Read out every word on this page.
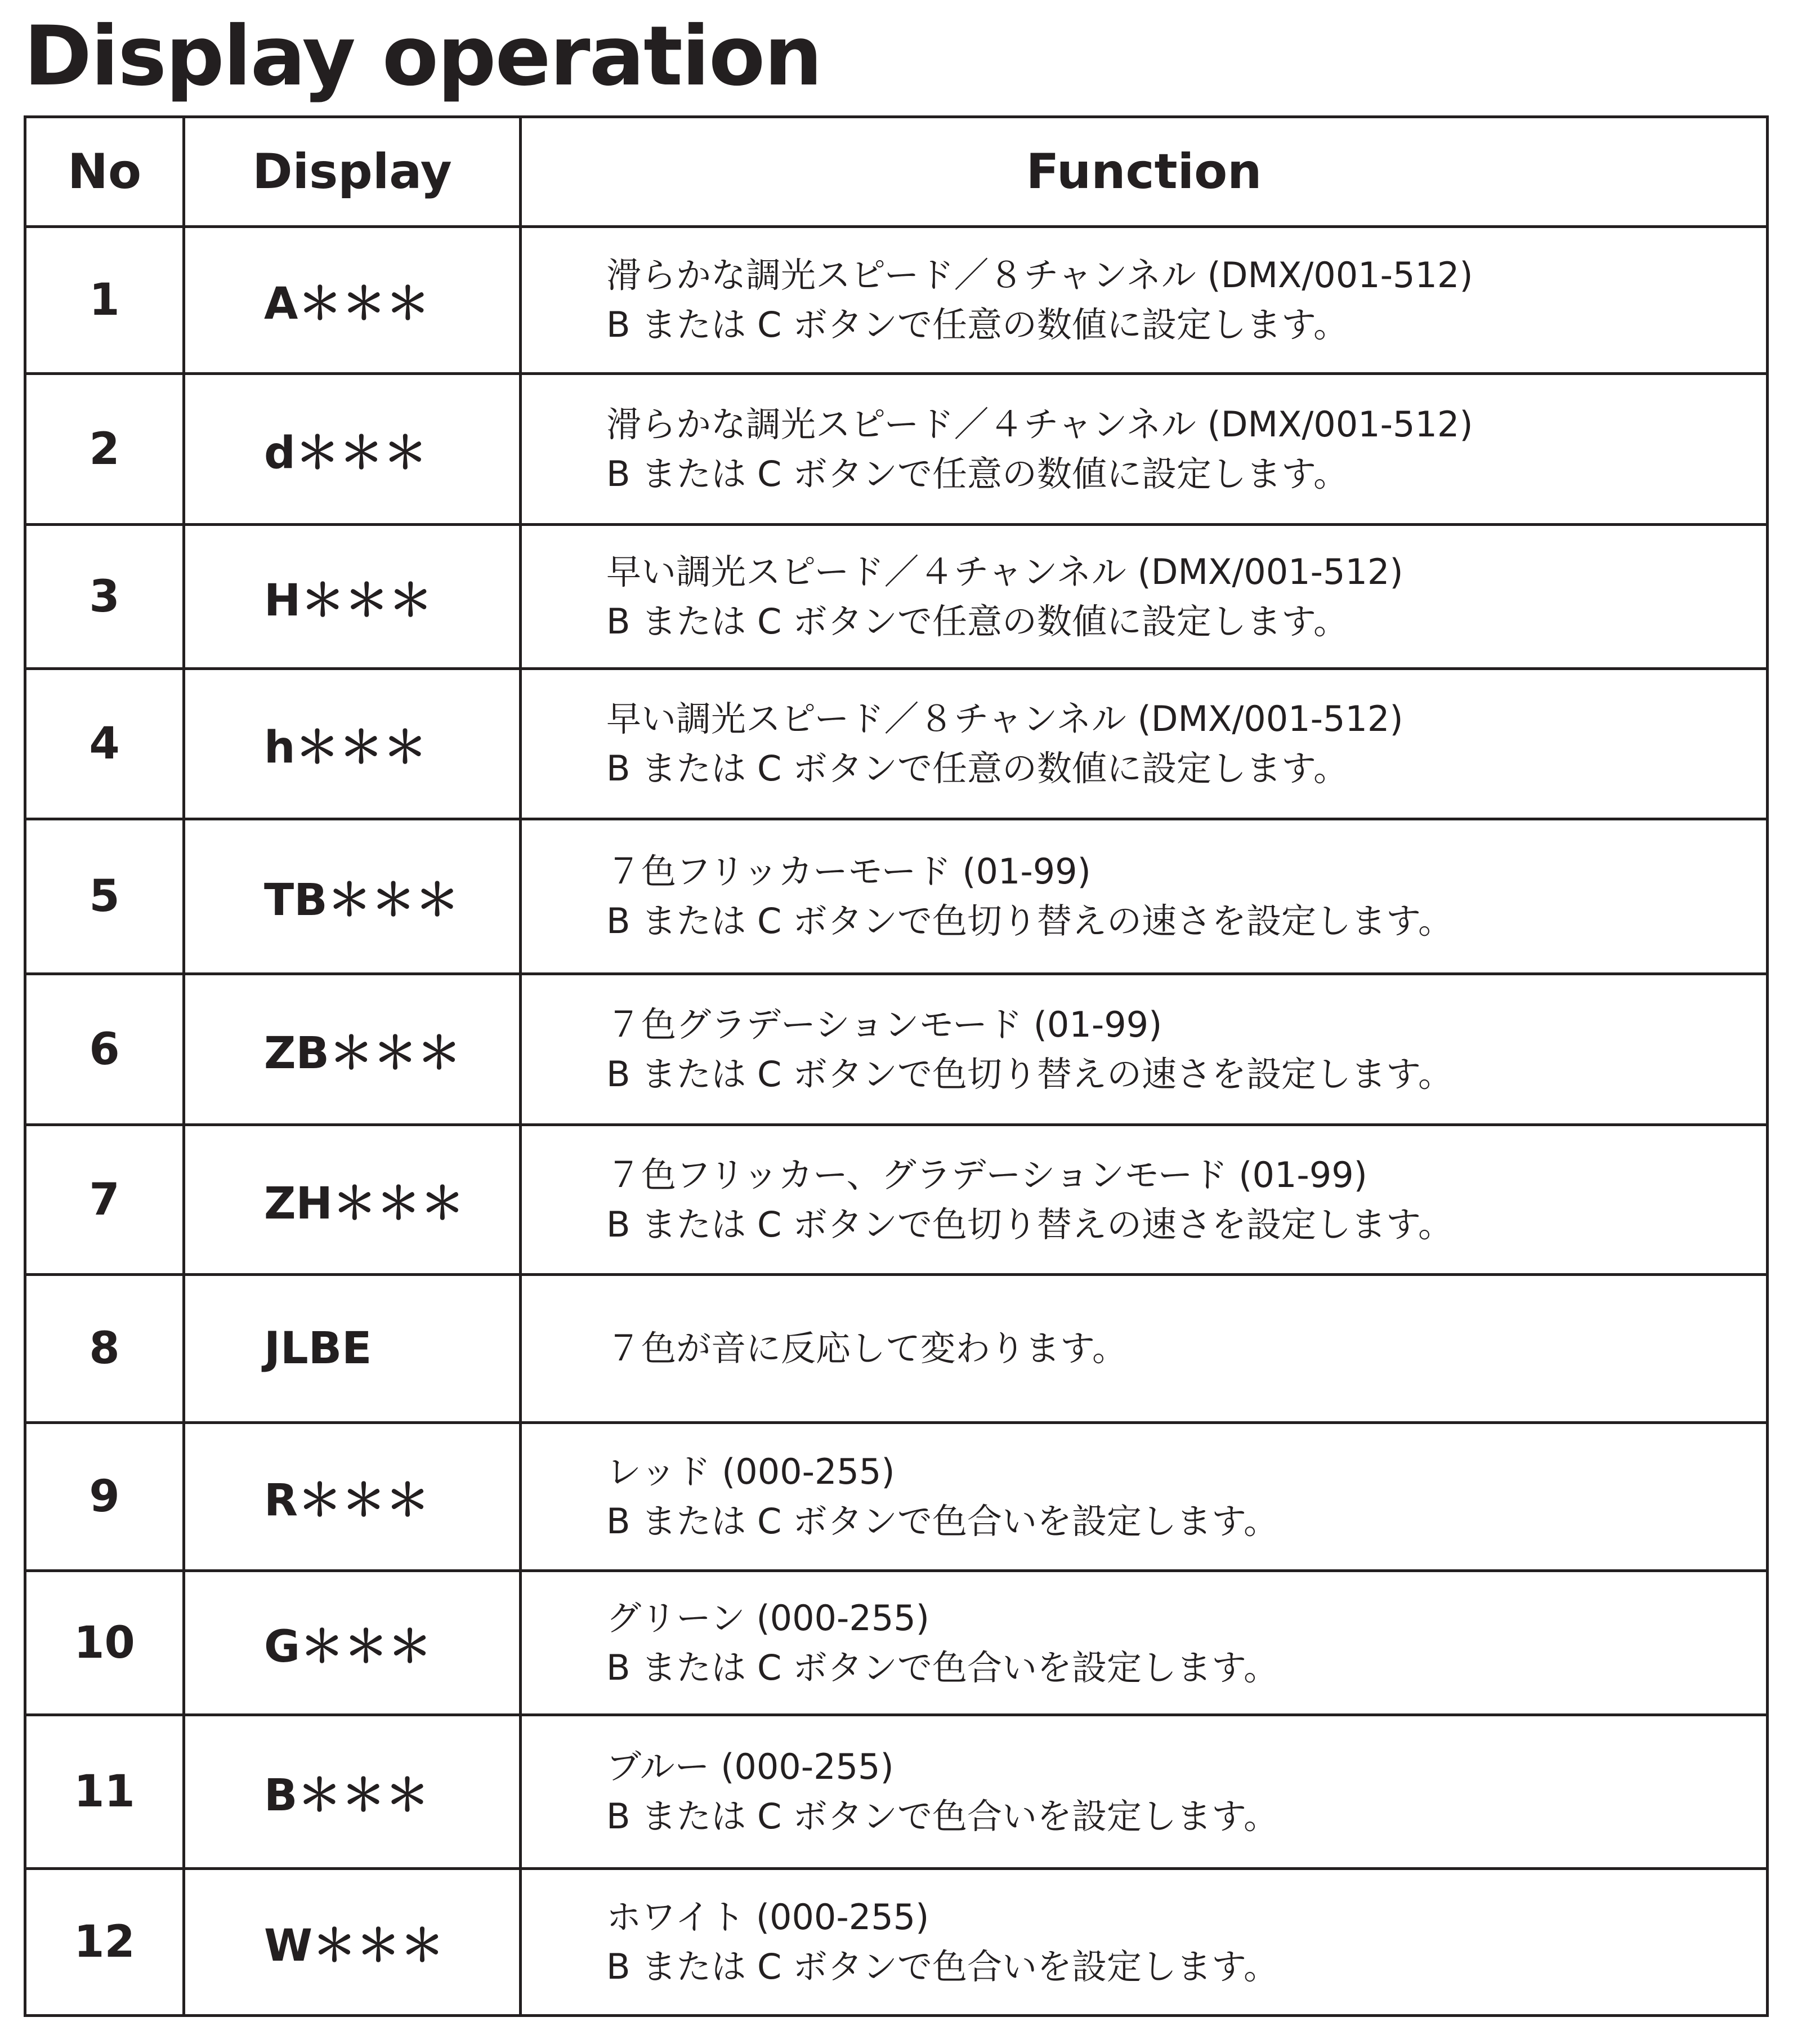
Display operation
No	Display	Function
1	A＊＊＊	滑らかな調光スピード／８チャンネル (DMX/001-512)
B または C ボタンで任意の数値に設定します。

2	d＊＊＊	滑らかな調光スピード／４チャンネル (DMX/001-512)
B または C ボタンで任意の数値に設定します。

3	H＊＊＊	早い調光スピード／４チャンネル (DMX/001-512)
B または C ボタンで任意の数値に設定します。

4	h＊＊＊	早い調光スピード／８チャンネル (DMX/001-512)
B または C ボタンで任意の数値に設定します。

5	TB＊＊＊	７色フリッカーモード (01-99)
B または C ボタンで色切り替えの速さを設定します。

6	ZB＊＊＊	７色グラデーションモード (01-99)
B または C ボタンで色切り替えの速さを設定します。

7	ZH＊＊＊	７色フリッカー、グラデーションモード (01-99)
B または C ボタンで色切り替えの速さを設定します。

8	JLBE	７色が音に反応して変わります。

9	R＊＊＊	レッド (000-255)
B または C ボタンで色合いを設定します。

10	G＊＊＊	グリーン (000-255)
B または C ボタンで色合いを設定します。

11	B＊＊＊	ブルー (000-255)
B または C ボタンで色合いを設定します。

12	W＊＊＊	ホワイト (000-255)
B または C ボタンで色合いを設定します。
